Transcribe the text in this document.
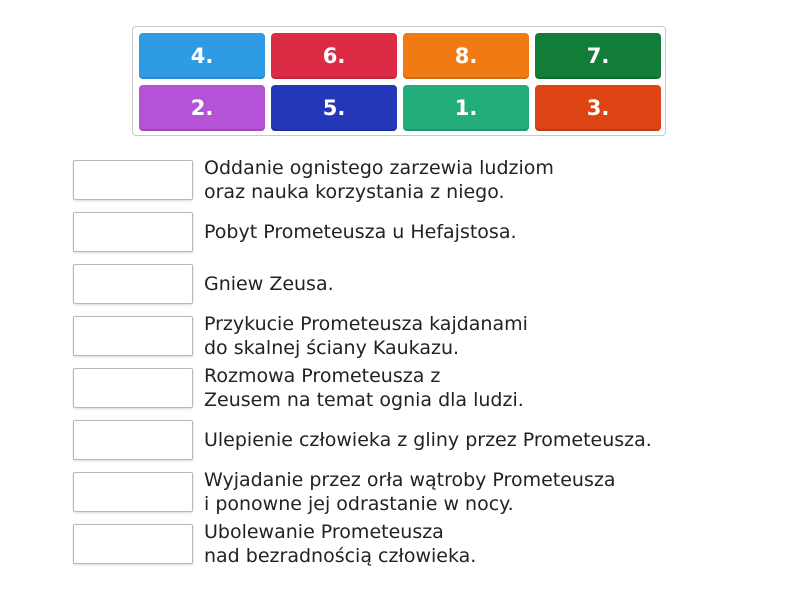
4.	6.	8.	7.
2.	5.	1.	3.
Oddanie ognistego zarzewia ludziom
oraz nauka korzystania z niego.
Pobyt Prometeusza u Hefajstosa.
Gniew Zeusa.
Przykucie Prometeusza kajdanami
do skalnej ściany Kaukazu.
Rozmowa Prometeusza z
Zeusem na temat ognia dla ludzi.
Ulepienie człowieka z gliny przez Prometeusza.
Wyjadanie przez orła wątroby Prometeusza
i ponowne jej odrastanie w nocy.
Ubolewanie Prometeusza
nad bezradnością człowieka.
